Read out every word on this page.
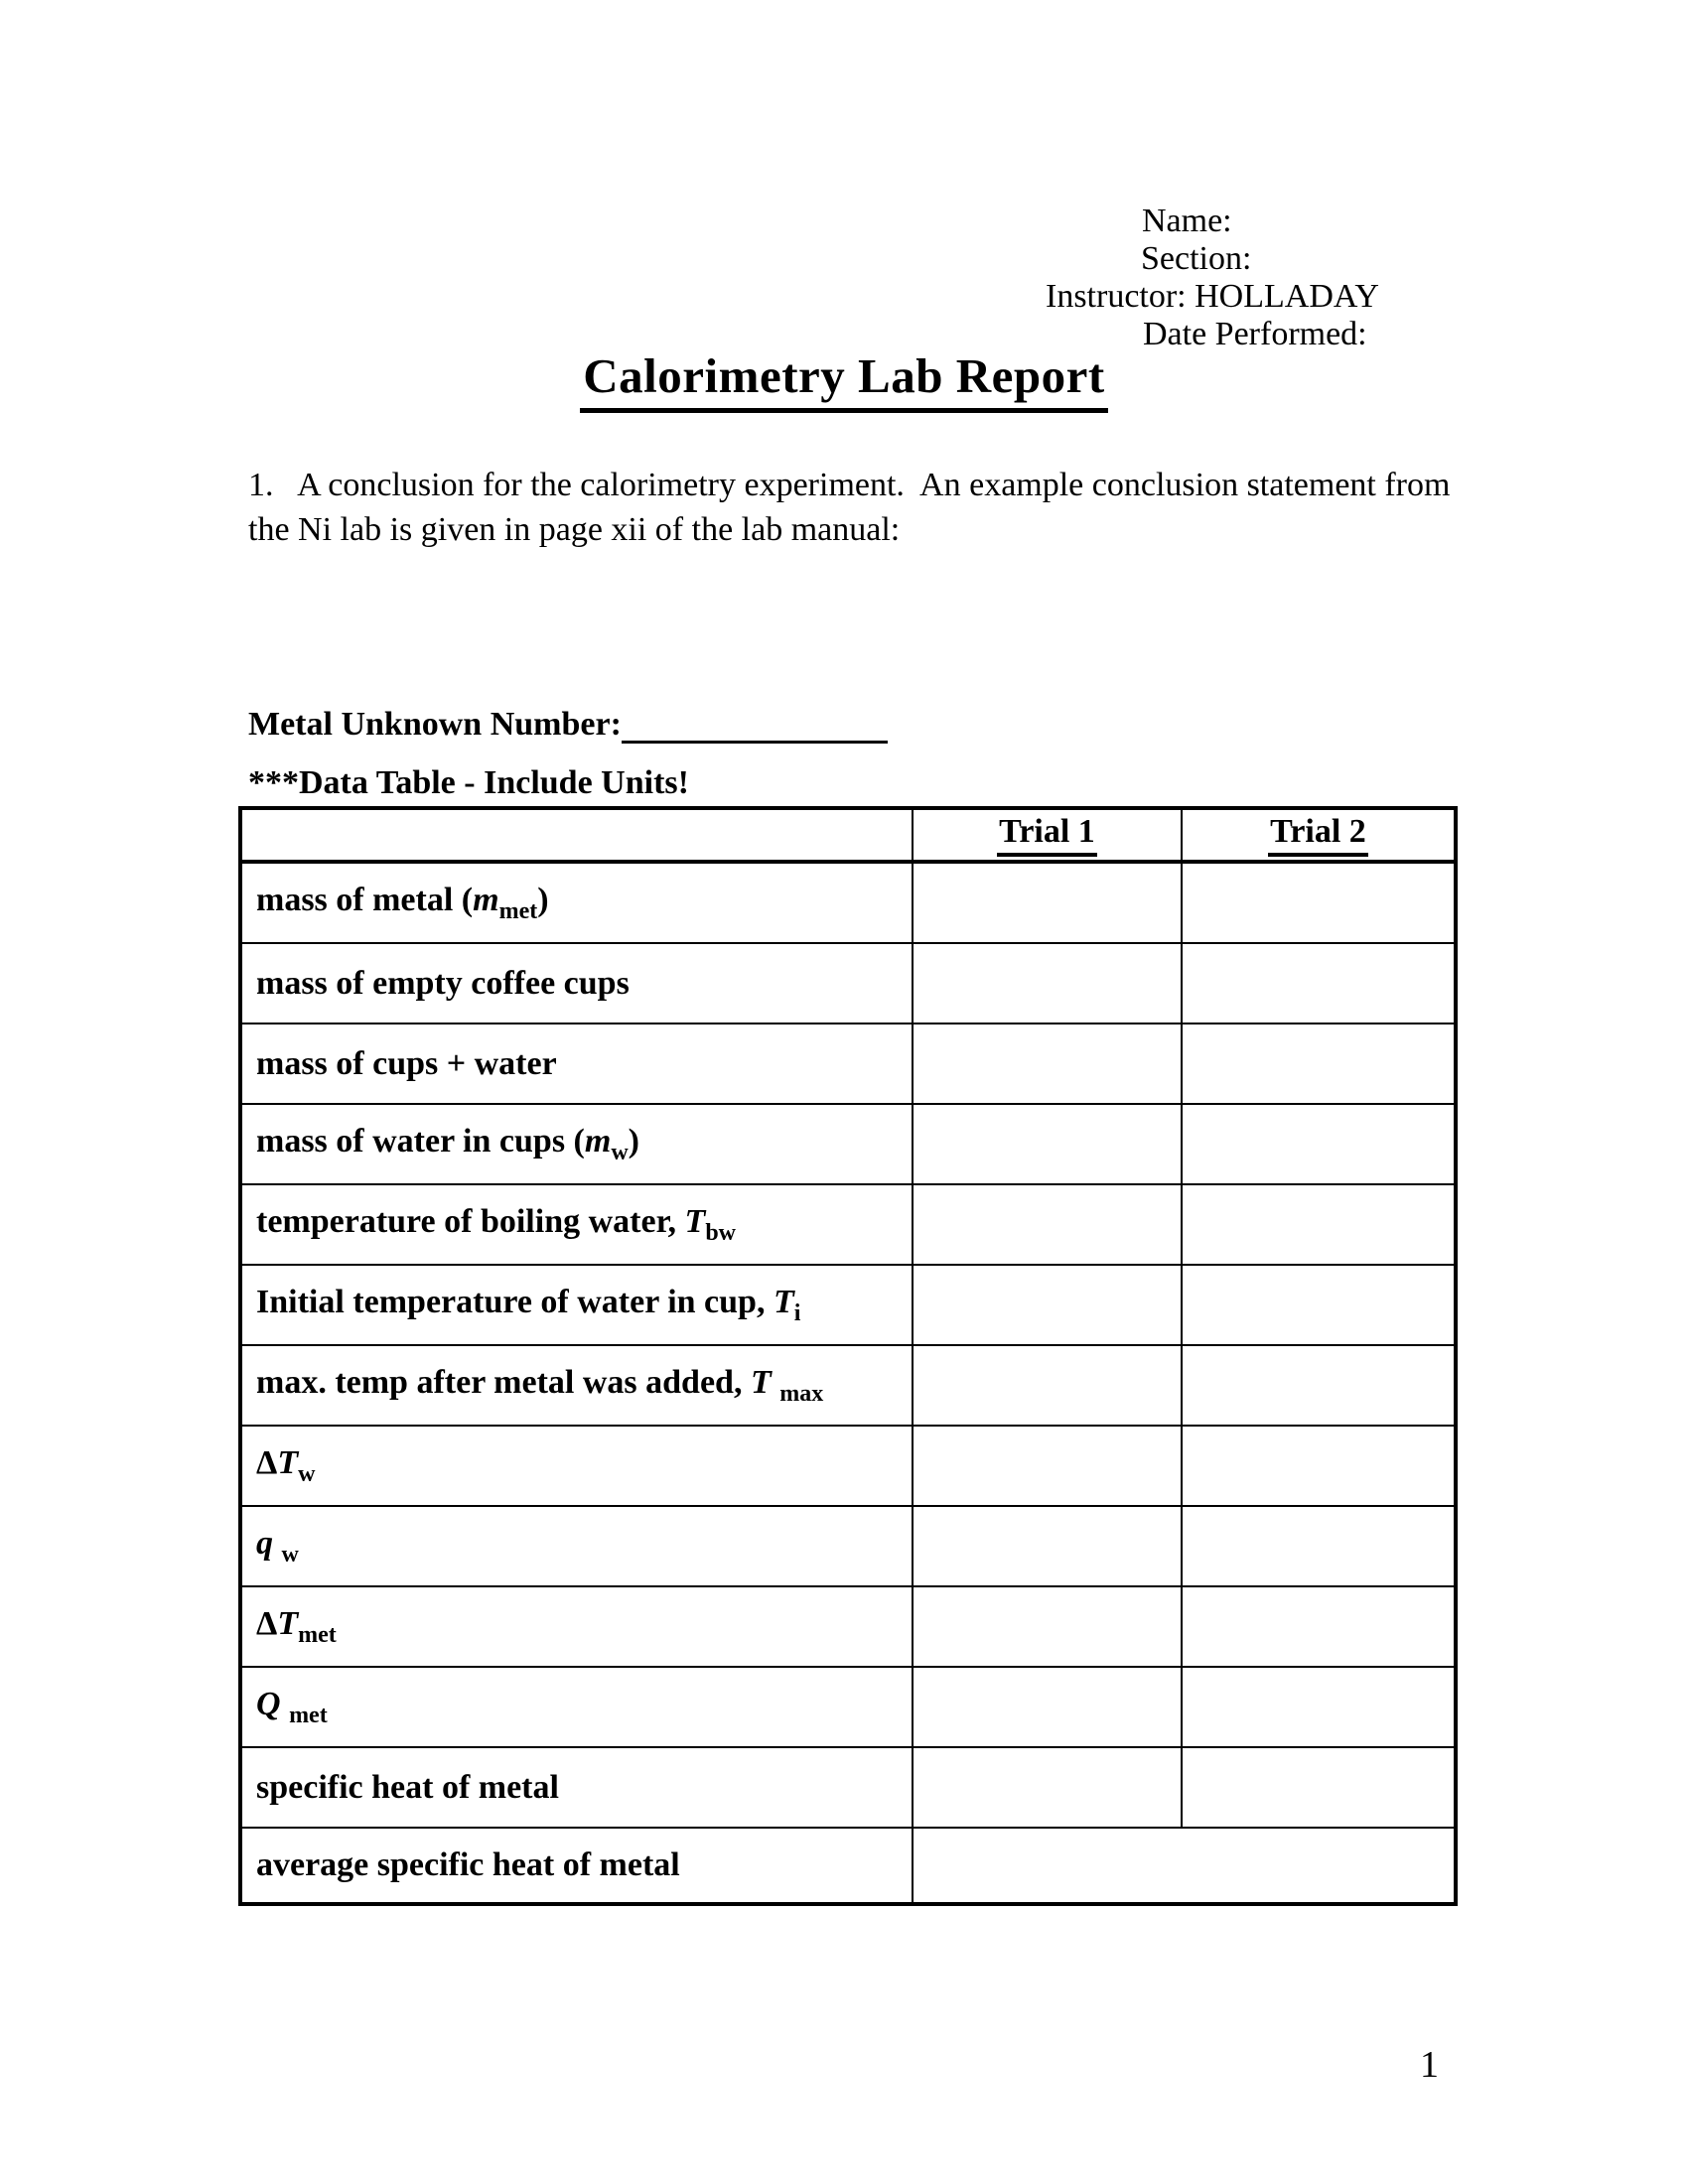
Name:
Section:
Instructor: HOLLADAY
Date Performed:
Calorimetry Lab Report
1.   A conclusion for the calorimetry experiment.  An example conclusion statement from
the Ni lab is given in page xii of the lab manual:
Metal Unknown Number:
***Data Table - Include Units!
	Trial 1	Trial 2
mass of metal $(m_{met})$		
mass of empty coffee cups		
mass of cups + water		
mass of water in cups $(m_w)$		
temperature of boiling water, $T_{bw}$		
Initial temperature of water in cup, $T_i$		
max. temp after metal was added, T $_{max}$		
$\Delta T_w$		
q $_w$		
$\Delta T_{met}$		
Q $_{met}$		
specific heat of metal		
average specific heat of metal		
1
